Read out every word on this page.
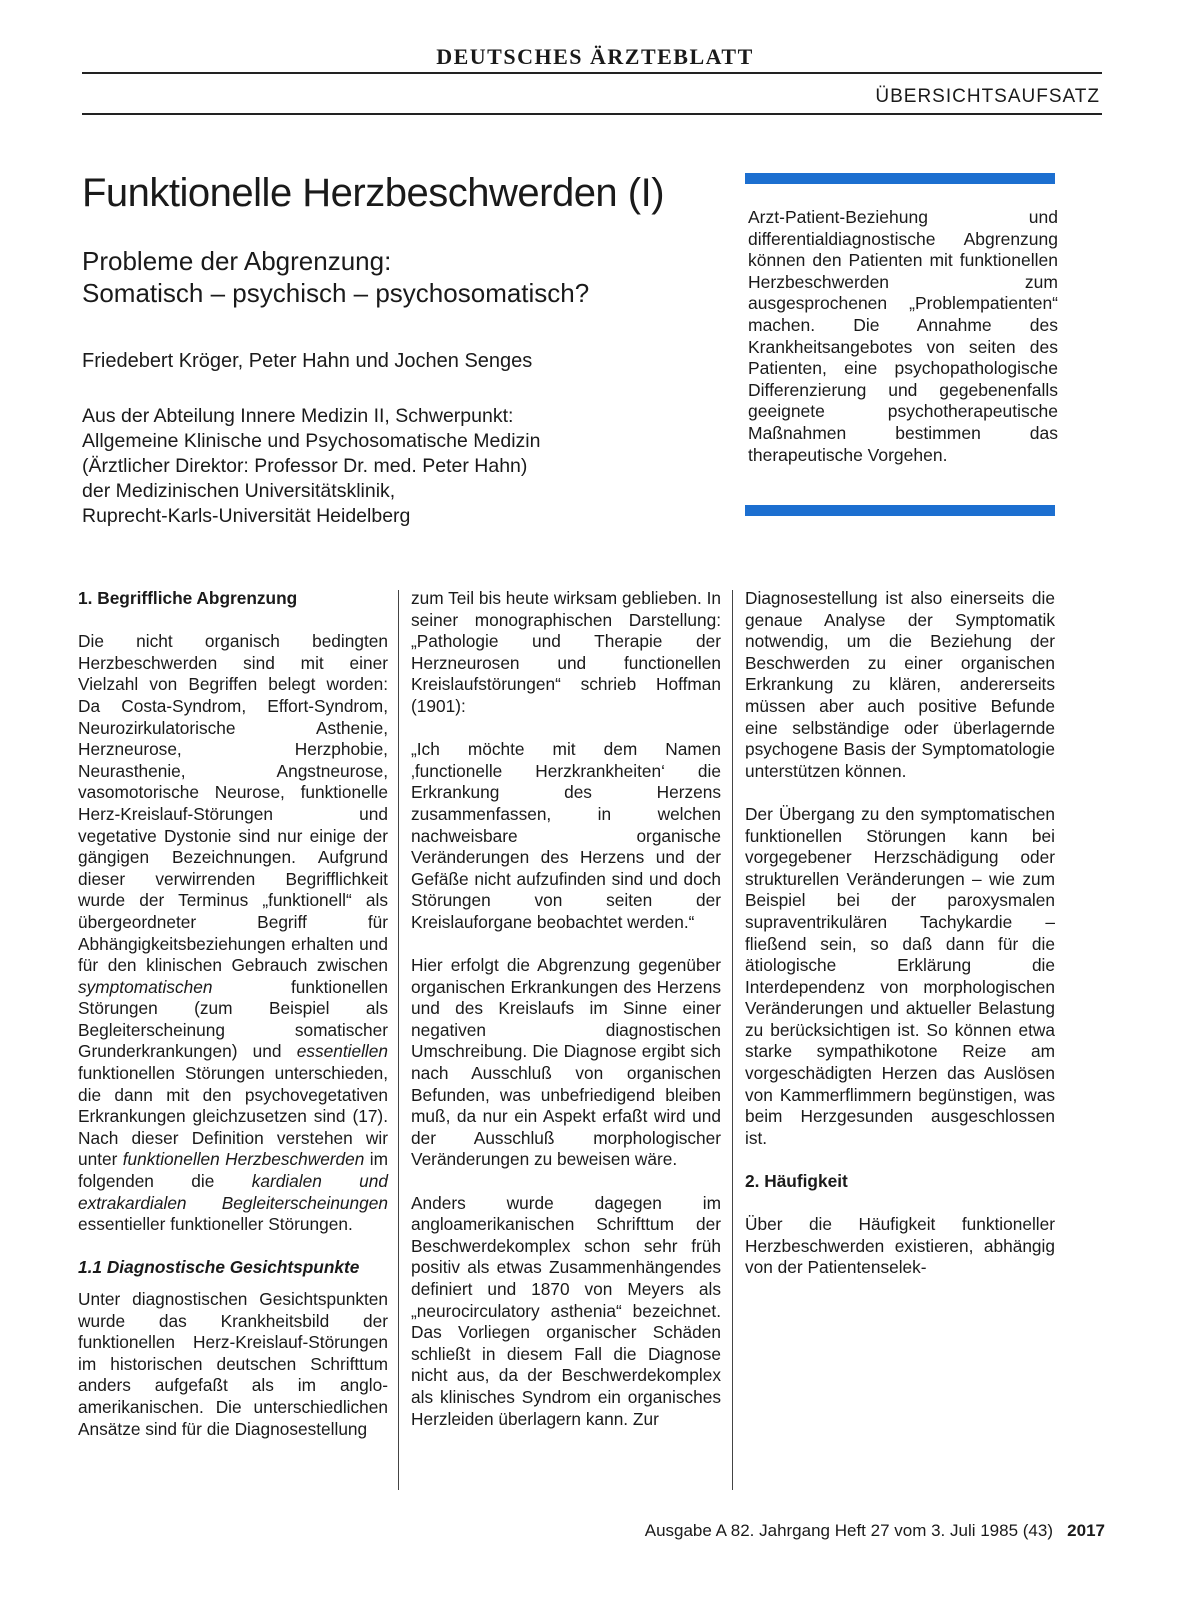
DEUTSCHES ÄRZTEBLATT
ÜBERSICHTSAUFSATZ
Funktionelle Herzbeschwerden (I)
Probleme der Abgrenzung:
Somatisch – psychisch – psychosomatisch?
Friedebert Kröger, Peter Hahn und Jochen Senges
Aus der Abteilung Innere Medizin II, Schwerpunkt:
Allgemeine Klinische und Psychosomatische Medizin
(Ärztlicher Direktor: Professor Dr. med. Peter Hahn)
der Medizinischen Universitätsklinik,
Ruprecht-Karls-Universität Heidelberg
Arzt-Patient-Beziehung und differentialdiagnostische Abgrenzung können den Patienten mit funktionellen Herzbeschwerden zum ausgesprochenen „Problempatienten“ machen. Die Annahme des Krankheitsangebotes von seiten des Patienten, eine psychopathologische Differenzierung und gegebenenfalls geeignete psychotherapeutische Maßnahmen bestimmen das therapeutische Vorgehen.
1. Begriffliche Abgrenzung

Die nicht organisch bedingten Herzbeschwerden sind mit einer Vielzahl von Begriffen belegt worden: Da Costa-Syndrom, Effort-Syndrom, Neurozirkulatorische Asthenie, Herzneurose, Herzphobie, Neurasthenie, Angstneurose, vasomotorische Neurose, funktionelle Herz-Kreislauf-Störungen und vegetative Dystonie sind nur einige der gängigen Bezeichnungen. Aufgrund dieser verwirrenden Begrifflichkeit wurde der Terminus „funktionell“ als übergeordneter Begriff für Abhängigkeitsbeziehungen erhalten und für den klinischen Gebrauch zwischen symptomatischen funktionellen Störungen (zum Beispiel als Begleiterscheinung somatischer Grunderkrankungen) und essentiellen funktionellen Störungen unterschieden, die dann mit den psychovegetativen Erkrankungen gleichzusetzen sind (17). Nach dieser Definition verstehen wir unter funktionellen Herzbeschwerden im folgenden die kardialen und extrakardialen Begleiterscheinungen essentieller funktioneller Störungen.

1.1 Diagnostische Gesichtspunkte

Unter diagnostischen Gesichtspunkten wurde das Krankheitsbild der funktionellen Herz-Kreislauf-Störungen im historischen deutschen Schrifttum anders aufgefaßt als im anglo-amerikanischen. Die unterschiedlichen Ansätze sind für die Diagnosestellung

zum Teil bis heute wirksam geblieben. In seiner monographischen Darstellung: „Pathologie und Therapie der Herzneurosen und functionellen Kreislaufstörungen“ schrieb Hoffman (1901):

„Ich möchte mit dem Namen ‚functionelle Herzkrankheiten‘ die Erkrankung des Herzens zusammenfassen, in welchen nachweisbare organische Veränderungen des Herzens und der Gefäße nicht aufzufinden sind und doch Störungen von seiten der Kreislauforgane beobachtet werden.“

Hier erfolgt die Abgrenzung gegenüber organischen Erkrankungen des Herzens und des Kreislaufs im Sinne einer negativen diagnostischen Umschreibung. Die Diagnose ergibt sich nach Ausschluß von organischen Befunden, was unbefriedigend bleiben muß, da nur ein Aspekt erfaßt wird und der Ausschluß morphologischer Veränderungen zu beweisen wäre.

Anders wurde dagegen im angloamerikanischen Schrifttum der Beschwerdekomplex schon sehr früh positiv als etwas Zusammenhängendes definiert und 1870 von Meyers als „neurocirculatory asthenia“ bezeichnet. Das Vorliegen organischer Schäden schließt in diesem Fall die Diagnose nicht aus, da der Beschwerdekomplex als klinisches Syndrom ein organisches Herzleiden überlagern kann. Zur

Diagnosestellung ist also einerseits die genaue Analyse der Symptomatik notwendig, um die Beziehung der Beschwerden zu einer organischen Erkrankung zu klären, andererseits müssen aber auch positive Befunde eine selbständige oder überlagernde psychogene Basis der Symptomatologie unterstützen können.

Der Übergang zu den symptomatischen funktionellen Störungen kann bei vorgegebener Herzschädigung oder strukturellen Veränderungen – wie zum Beispiel bei der paroxysmalen supraventrikulären Tachykardie – fließend sein, so daß dann für die ätiologische Erklärung die Interdependenz von morphologischen Veränderungen und aktueller Belastung zu berücksichtigen ist. So können etwa starke sympathikotone Reize am vorgeschädigten Herzen das Auslösen von Kammerflimmern begünstigen, was beim Herzgesunden ausgeschlossen ist.

2. Häufigkeit

Über die Häufigkeit funktioneller Herzbeschwerden existieren, abhängig von der Patientenselek-

Ausgabe A 82. Jahrgang Heft 27 vom 3. Juli 1985 (43) 2017
